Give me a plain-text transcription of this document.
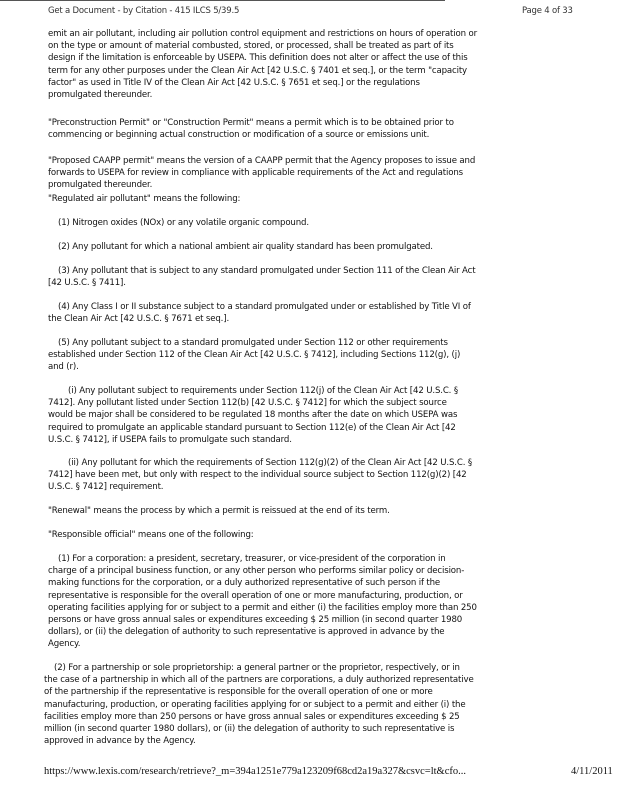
Get a Document - by Citation - 415 ILCS 5/39.5	Page 4 of 33
emit an air pollutant, including air pollution control equipment and restrictions on hours of operation or
on the type or amount of material combusted, stored, or processed, shall be treated as part of its
design if the limitation is enforceable by USEPA. This definition does not alter or affect the use of this
term for any other purposes under the Clean Air Act [42 U.S.C. § 7401 et seq.], or the term "capacity
factor" as used in Title IV of the Clean Air Act [42 U.S.C. § 7651 et seq.] or the regulations
promulgated thereunder.
"Preconstruction Permit" or "Construction Permit" means a permit which is to be obtained prior to
commencing or beginning actual construction or modification of a source or emissions unit.
"Proposed CAAPP permit" means the version of a CAAPP permit that the Agency proposes to issue and
forwards to USEPA for review in compliance with applicable requirements of the Act and regulations
promulgated thereunder.
"Regulated air pollutant" means the following:
(1) Nitrogen oxides (NOx) or any volatile organic compound.
(2) Any pollutant for which a national ambient air quality standard has been promulgated.
(3) Any pollutant that is subject to any standard promulgated under Section 111 of the Clean Air Act
[42 U.S.C. § 7411].
(4) Any Class I or II substance subject to a standard promulgated under or established by Title VI of
the Clean Air Act [42 U.S.C. § 7671 et seq.].
(5) Any pollutant subject to a standard promulgated under Section 112 or other requirements
established under Section 112 of the Clean Air Act [42 U.S.C. § 7412], including Sections 112(g), (j)
and (r).
(i) Any pollutant subject to requirements under Section 112(j) of the Clean Air Act [42 U.S.C. §
7412]. Any pollutant listed under Section 112(b) [42 U.S.C. § 7412] for which the subject source
would be major shall be considered to be regulated 18 months after the date on which USEPA was
required to promulgate an applicable standard pursuant to Section 112(e) of the Clean Air Act [42
U.S.C. § 7412], if USEPA fails to promulgate such standard.
(ii) Any pollutant for which the requirements of Section 112(g)(2) of the Clean Air Act [42 U.S.C. §
7412] have been met, but only with respect to the individual source subject to Section 112(g)(2) [42
U.S.C. § 7412] requirement.
"Renewal" means the process by which a permit is reissued at the end of its term.
"Responsible official" means one of the following:
(1) For a corporation: a president, secretary, treasurer, or vice-president of the corporation in
charge of a principal business function, or any other person who performs similar policy or decision-
making functions for the corporation, or a duly authorized representative of such person if the
representative is responsible for the overall operation of one or more manufacturing, production, or
operating facilities applying for or subject to a permit and either (i) the facilities employ more than 250
persons or have gross annual sales or expenditures exceeding $ 25 million (in second quarter 1980
dollars), or (ii) the delegation of authority to such representative is approved in advance by the
Agency.
(2) For a partnership or sole proprietorship: a general partner or the proprietor, respectively, or in
the case of a partnership in which all of the partners are corporations, a duly authorized representative
of the partnership if the representative is responsible for the overall operation of one or more
manufacturing, production, or operating facilities applying for or subject to a permit and either (i) the
facilities employ more than 250 persons or have gross annual sales or expenditures exceeding $ 25
million (in second quarter 1980 dollars), or (ii) the delegation of authority to such representative is
approved in advance by the Agency.
https://www.lexis.com/research/retrieve?_m=394a1251e779a123209f68cd2a19a327&csvc=lt&cfo...	4/11/2011
